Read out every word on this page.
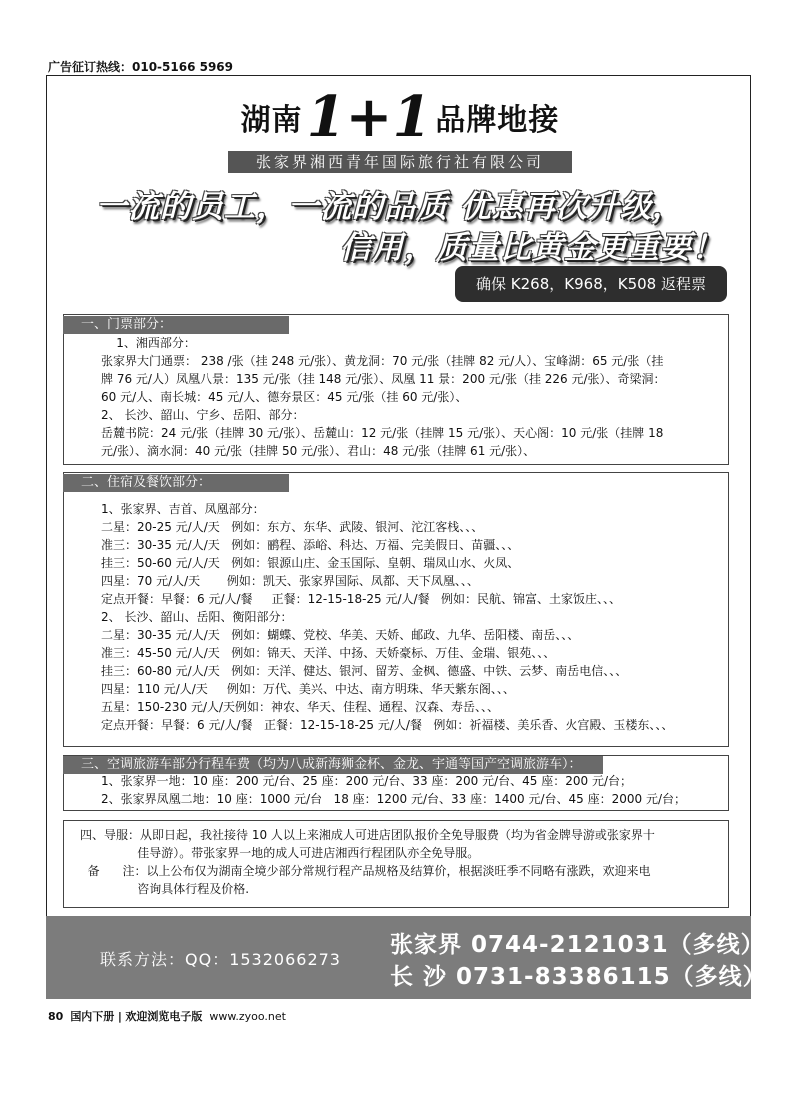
广告征订热线：010-5166 5969
湖南1+1 品牌地接
张家界湘西青年国际旅行社有限公司
一流的员工，一流的品质 优惠再次升级，
信用，质量比黄金更重要！
确保 K268，K968，K508 返程票
一、门票部分：
1、湘西部分：
张家界大门通票： 238 /张（挂 248 元/张）、黄龙洞：70 元/张（挂牌 82 元/人）、宝峰湖：65 元/张（挂
牌 76 元/人）凤凰八景：135 元/张（挂 148 元/张）、凤凰 11 景：200 元/张（挂 226 元/张）、奇梁洞：
60 元/人、南长城：45 元/人、德夯景区：45 元/张（挂 60 元/张）、
2、 长沙、韶山、宁乡、岳阳、部分：
岳麓书院：24 元/张（挂牌 30 元/张）、岳麓山：12 元/张（挂牌 15 元/张）、天心阁：10 元/张（挂牌 18
元/张）、滴水洞：40 元/张（挂牌 50 元/张）、君山：48 元/张（挂牌 61 元/张）、
二、住宿及餐饮部分：
1、张家界、吉首、凤凰部分：
二星：20-25 元/人/天   例如：东方、东华、武陵、银河、沱江客栈、、、
准三：30-35 元/人/天   例如：鹂程、添峪、科达、万福、完美假日、苗疆、、、
挂三：50-60 元/人/天   例如：银源山庄、金玉国际、皇朝、瑞凤山水、火凤、
四星：70 元/人/天       例如：凯天、张家界国际、凤都、天下凤凰、、、
定点开餐：早餐：6 元/人/餐     正餐：12-15-18-25 元/人/餐   例如：民航、锦富、土家饭庄、、、
2、 长沙、韶山、岳阳、衡阳部分：
二星：30-35 元/人/天   例如：蝴蝶、党校、华美、天娇、邮政、九华、岳阳楼、南岳、、、
准三：45-50 元/人/天   例如：锦天、天洋、中扬、天娇豪标、万佳、金瑞、银苑、、、
挂三：60-80 元/人/天   例如：天洋、健达、银河、留芳、金枫、德盛、中铁、云梦、南岳电信、、、
四星：110 元/人/天     例如：万代、美兴、中达、南方明珠、华天紫东阁、、、
五星：150-230 元/人/天例如：神农、华天、佳程、通程、汉森、寿岳、、、
定点开餐：早餐：6 元/人/餐   正餐：12-15-18-25 元/人/餐   例如：祈福楼、美乐香、火宫殿、玉楼东、、、
三、空调旅游车部分行程车费（均为八成新海狮金杯、金龙、宇通等国产空调旅游车）：
1、张家界一地：10 座：200 元/台、25 座：200 元/台、33 座：200 元/台、45 座：200 元/台；
2、张家界凤凰二地：10 座：1000 元/台   18 座：1200 元/台、33 座：1400 元/台、45 座：2000 元/台；
四、导服：从即日起，我社接待 10 人以上来湘成人可进店团队报价全免导服费（均为省金牌导游或张家界十
佳导游）。带张家界一地的成人可进店湘西行程团队亦全免导服。
备      注：以上公布仅为湖南全境少部分常规行程产品规格及结算价，根据淡旺季不同略有涨跌，欢迎来电
咨询具体行程及价格.
联系方法：QQ：1532066273
张家界 0744-2121031（多线）
长 沙 0731-83386115（多线）
80 国内下册 | 欢迎浏览电子版 www.zyoo.net
